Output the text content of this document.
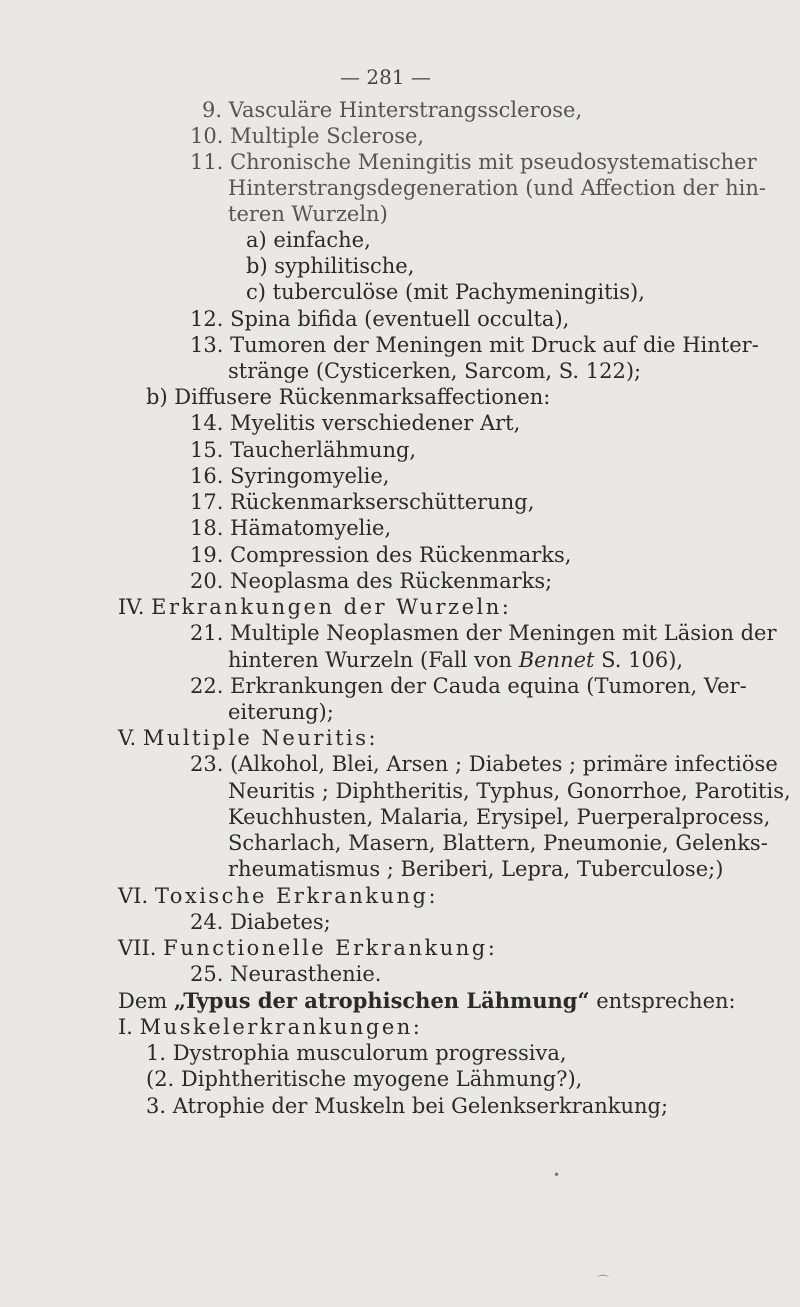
— 281 —
9. Vasculäre Hinterstrangssclerose,
10. Multiple Sclerose,
11. Chronische Meningitis mit pseudosystematischer
Hinterstrangsdegeneration (und Affection der hin-
teren Wurzeln)
a) einfache,
b) syphilitische,
c) tuberculöse (mit Pachymeningitis),
12. Spina bifida (eventuell occulta),
13. Tumoren der Meningen mit Druck auf die Hinter-
stränge (Cysticerken, Sarcom, S. 122);
b) Diffusere Rückenmarksaffectionen:
14. Myelitis verschiedener Art,
15. Taucherlähmung,
16. Syringomyelie,
17. Rückenmarkserschütterung,
18. Hämatomyelie,
19. Compression des Rückenmarks,
20. Neoplasma des Rückenmarks;
IV. Erkrankungen der Wurzeln:
21. Multiple Neoplasmen der Meningen mit Läsion der
hinteren Wurzeln (Fall von Bennet S. 106),
22. Erkrankungen der Cauda equina (Tumoren, Ver-
eiterung);
V. Multiple Neuritis:
23. (Alkohol, Blei, Arsen ; Diabetes ; primäre infectiöse
Neuritis ; Diphtheritis, Typhus, Gonorrhoe, Parotitis,
Keuchhusten, Malaria, Erysipel, Puerperalprocess,
Scharlach, Masern, Blattern, Pneumonie, Gelenks-
rheumatismus ; Beriberi, Lepra, Tuberculose;)
VI. Toxische Erkrankung:
24. Diabetes;
VII. Functionelle Erkrankung:
25. Neurasthenie.
Dem „Typus der atrophischen Lähmung“ entsprechen:
I. Muskelerkrankungen:
1. Dystrophia musculorum progressiva,
(2. Diphtheritische myogene Lähmung?),
3. Atrophie der Muskeln bei Gelenkserkrankung;
•
⌒
